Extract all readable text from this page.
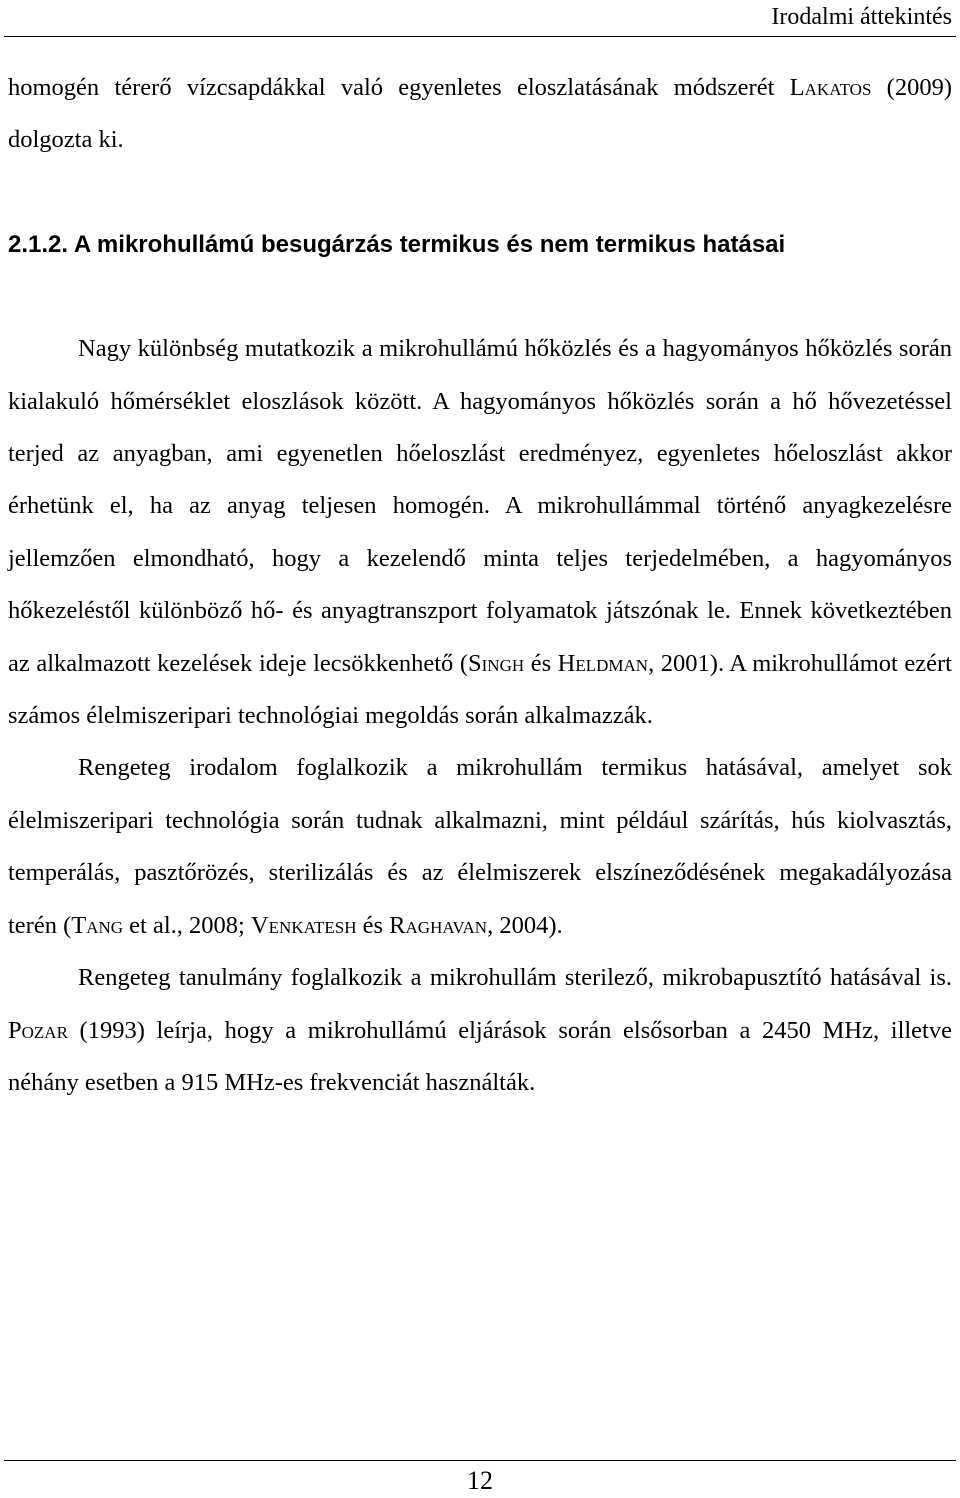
Irodalmi áttekintés

homogén térerő vízcsapdákkal való egyenletes eloszlatásának módszerét Lakatos (2009) dolgozta ki.

2.1.2. A mikrohullámú besugárzás termikus és nem termikus hatásai

Nagy különbség mutatkozik a mikrohullámú hőközlés és a hagyományos hőközlés során kialakuló hőmérséklet eloszlások között. A hagyományos hőközlés során a hő hővezetéssel terjed az anyagban, ami egyenetlen hőeloszlást eredményez, egyenletes hőeloszlást akkor érhetünk el, ha az anyag teljesen homogén. A mikrohullámmal történő anyagkezelésre jellemzően elmondható, hogy a kezelendő minta teljes terjedelmében, a hagyományos hőkezeléstől különböző hő- és anyagtranszport folyamatok játszónak le. Ennek következtében az alkalmazott kezelések ideje lecsökkenhető (Singh és Heldman, 2001). A mikrohullámot ezért számos élelmiszeripari technológiai megoldás során alkalmazzák.

Rengeteg irodalom foglalkozik a mikrohullám termikus hatásával, amelyet sok élelmiszeripari technológia során tudnak alkalmazni, mint például szárítás, hús kiolvasztás, temperálás, pasztőrözés, sterilizálás és az élelmiszerek elszíneződésének megakadályozása terén (Tang et al., 2008; Venkatesh és Raghavan, 2004).

Rengeteg tanulmány foglalkozik a mikrohullám sterilező, mikrobapusztító hatásával is. Pozar (1993) leírja, hogy a mikrohullámú eljárások során elsősorban a 2450 MHz, illetve néhány esetben a 915 MHz-es frekvenciát használták.

12
